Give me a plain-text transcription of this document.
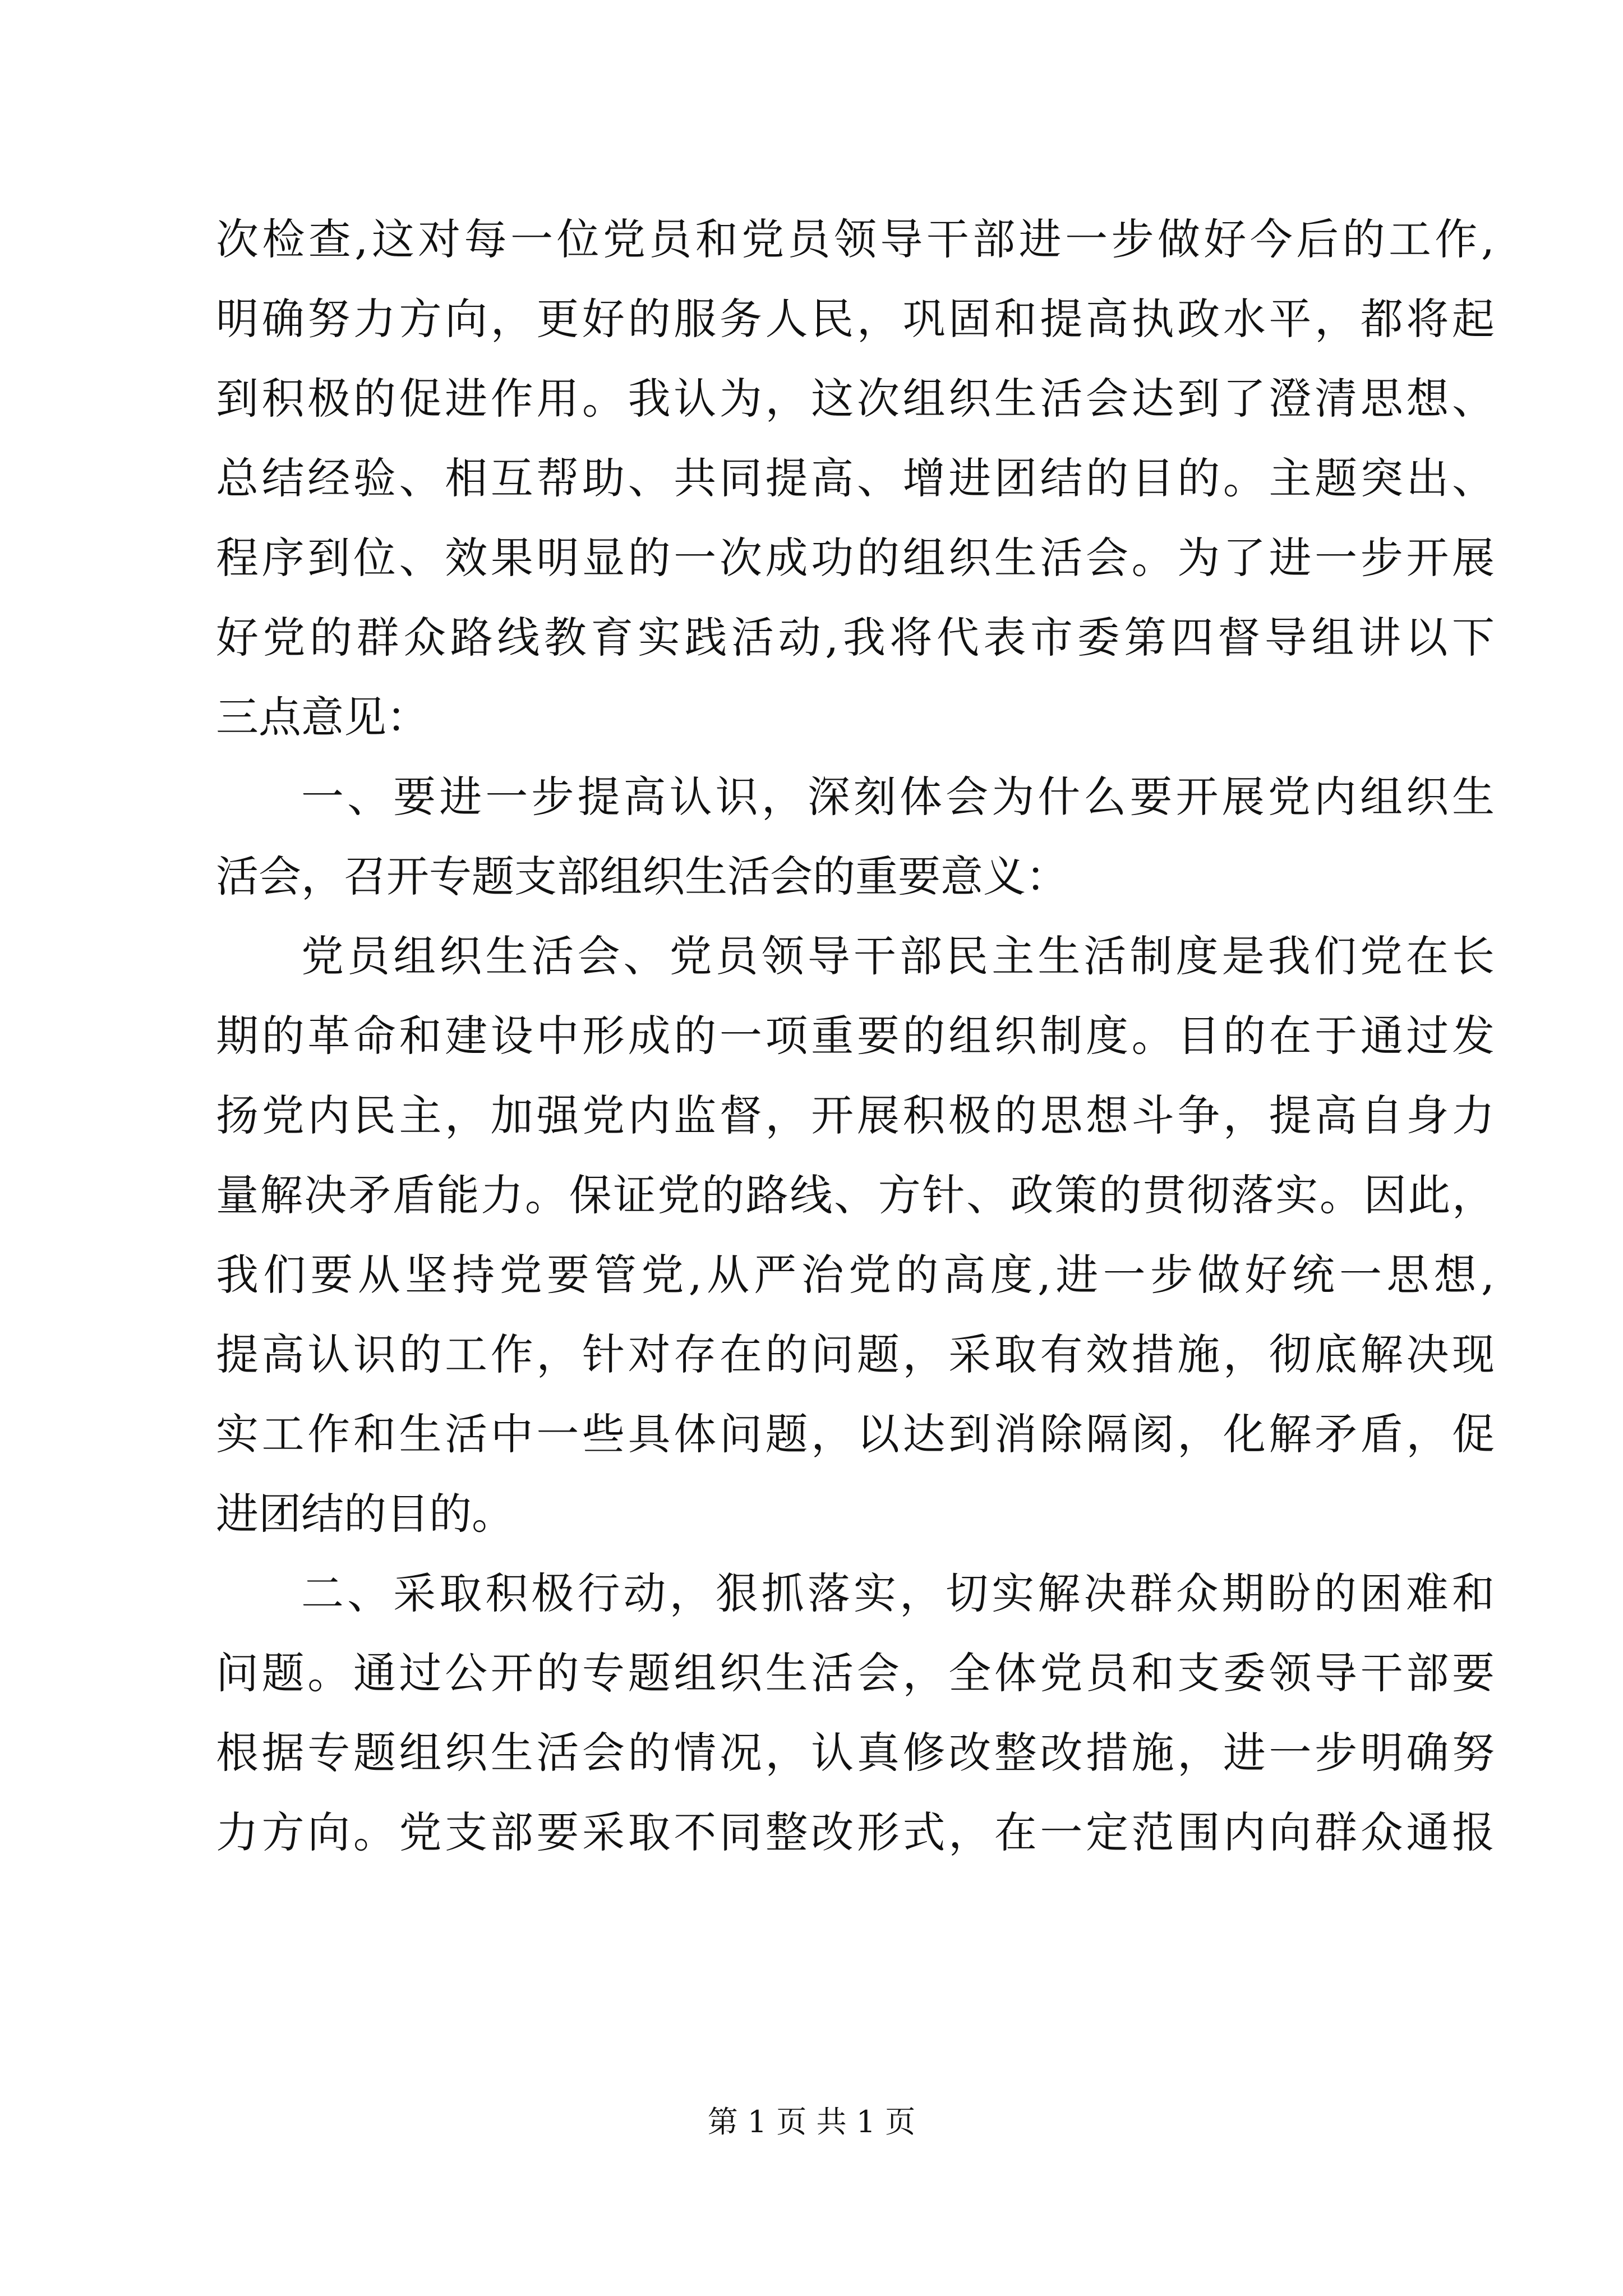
次检查,这对每一位党员和党员领导干部进一步做好今后的工作,
明确努力方向，更好的服务人民，巩固和提高执政水平，都将起
到积极的促进作用。我认为，这次组织生活会达到了澄清思想、
总结经验、相互帮助、共同提高、增进团结的目的。主题突出、
程序到位、效果明显的一次成功的组织生活会。为了进一步开展
好党的群众路线教育实践活动,我将代表市委第四督导组讲以下
三点意见：
一、要进一步提高认识，深刻体会为什么要开展党内组织生
活会，召开专题支部组织生活会的重要意义：
党员组织生活会、党员领导干部民主生活制度是我们党在长
期的革命和建设中形成的一项重要的组织制度。目的在于通过发
扬党内民主，加强党内监督，开展积极的思想斗争，提高自身力
量解决矛盾能力。保证党的路线、方针、政策的贯彻落实。因此，
我们要从坚持党要管党,从严治党的高度,进一步做好统一思想,
提高认识的工作，针对存在的问题，采取有效措施，彻底解决现
实工作和生活中一些具体问题，以达到消除隔阂，化解矛盾，促
进团结的目的。
二、采取积极行动，狠抓落实，切实解决群众期盼的困难和
问题。通过公开的专题组织生活会，全体党员和支委领导干部要
根据专题组织生活会的情况，认真修改整改措施，进一步明确努
力方向。党支部要采取不同整改形式，在一定范围内向群众通报
第 1 页 共 1 页
